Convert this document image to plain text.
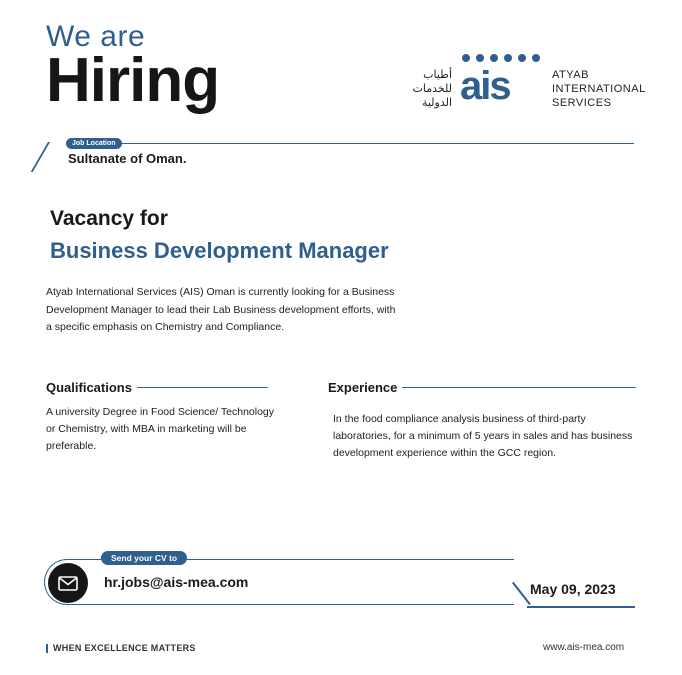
We are
Hiring	أطياب
للخدمات
الدولية ais	ATYAB
INTERNATIONAL
SERVICES
Job Location
Sultanate of Oman.
Vacancy for
Business Development Manager
Atyab International Services (AIS) Oman is currently looking for a Business Development Manager to lead their Lab Business development efforts, with a specific emphasis on Chemistry and Compliance.
Qualifications
A university Degree in Food Science/ Technology or Chemistry, with MBA in marketing will be preferable.
Experience
In the food compliance analysis business of third-party laboratories, for a minimum of 5 years in sales and has business development experience within the GCC region.
Send your CV to
hr.jobs@ais-mea.com	May 09, 2023
WHEN EXCELLENCE MATTERS	www.ais-mea.com
